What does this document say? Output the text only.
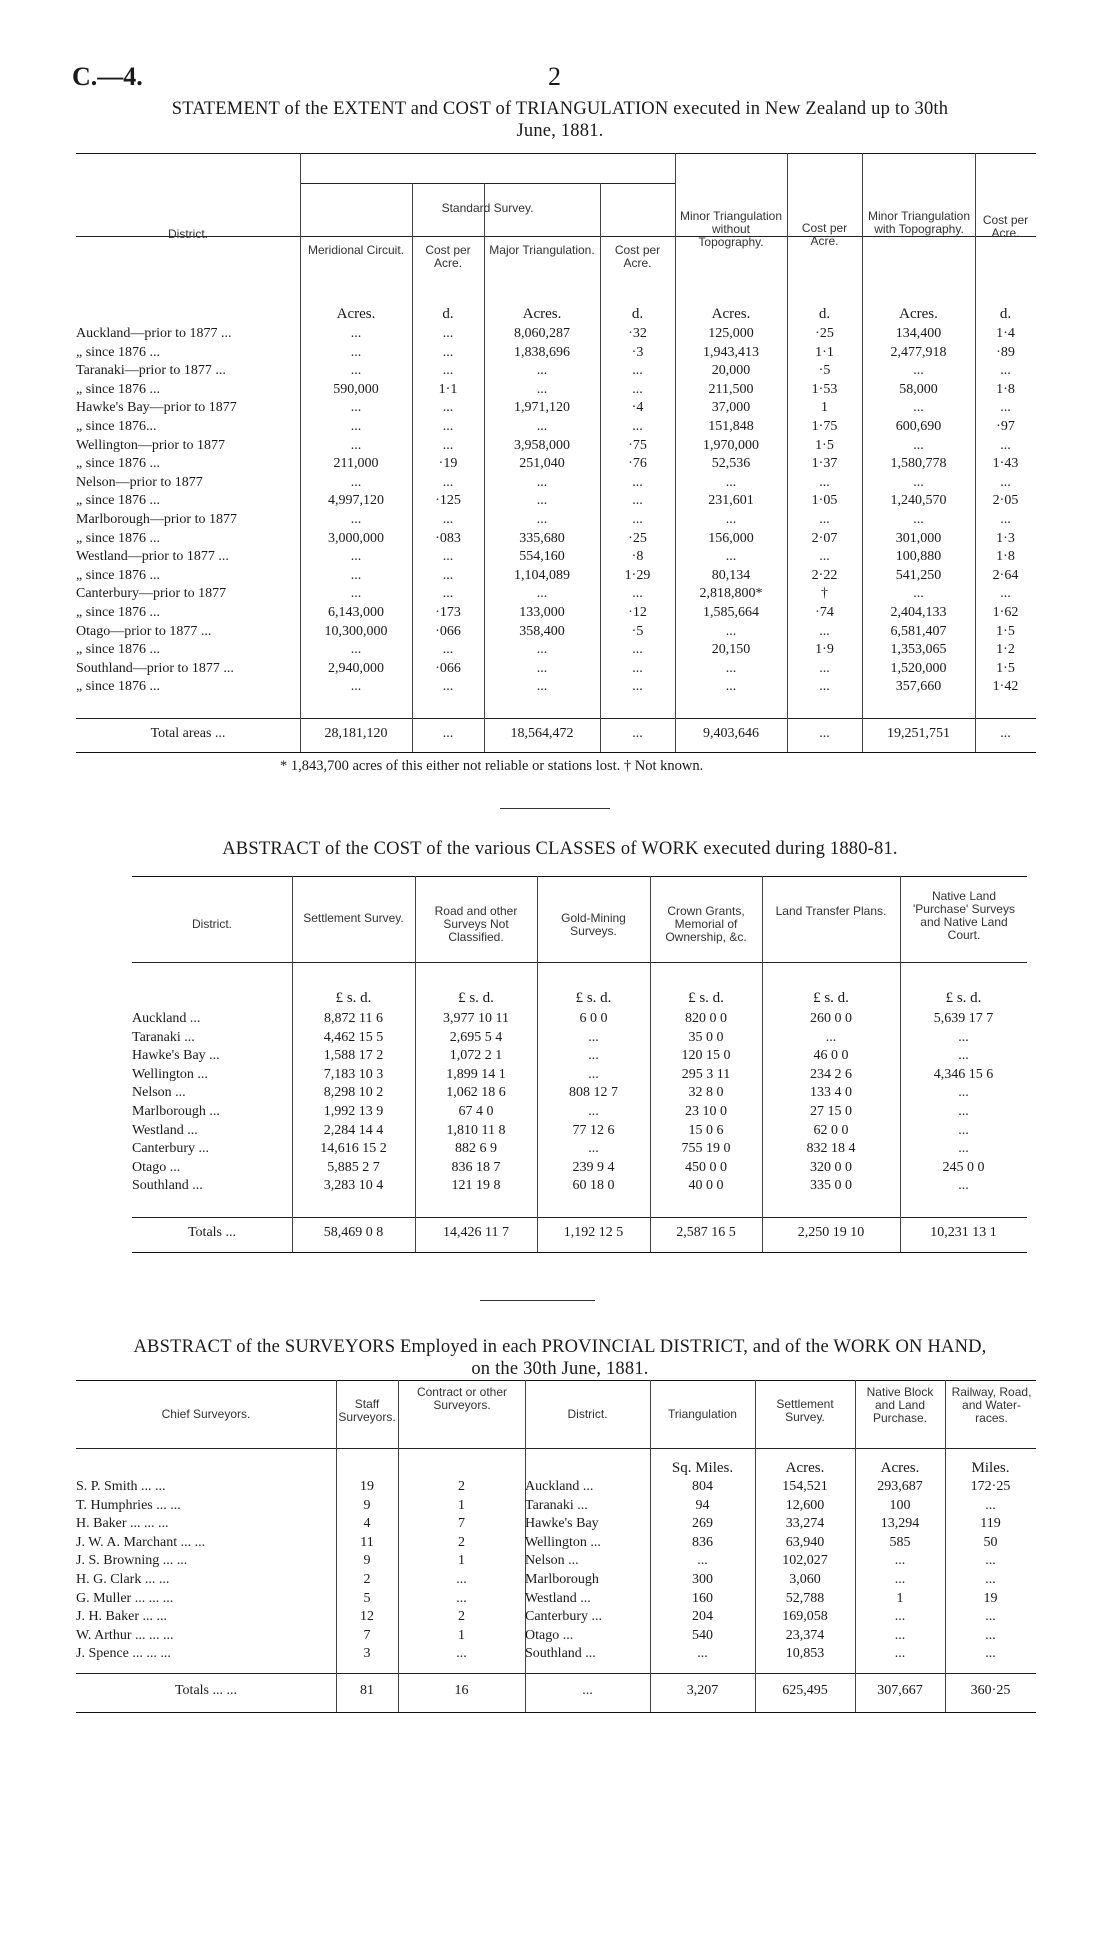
C.—4.	2
STATEMENT of the EXTENT and COST of TRIANGULATION executed in New Zealand up to 30th
June, 1881.
District.
Standard Survey.
Meridional Circuit.	Cost per Acre.
Major Triangulation.	Cost per Acre.
Minor Triangulation without Topography.
Cost per Acre.
Minor Triangulation with Topography.
Cost per Acre.
Acres.	d.	Acres.	d.	Acres.	d.	Acres.	d.
Auckland—prior to 1877 ...	...	...	8,060,287	·32	125,000	·25	134,400	1·4
„ since 1876 ...	...	...	1,838,696	·3	1,943,413	1·1	2,477,918	·89
Taranaki—prior to 1877 ...	...	...	...	...	20,000	·5	...	...
„ since 1876 ...	590,000	1·1	...	...	211,500	1·53	58,000	1·8
Hawke's Bay—prior to 1877	...	...	1,971,120	·4	37,000	1	...	...
„ since 1876...	...	...	...	...	151,848	1·75	600,690	·97
Wellington—prior to 1877	...	...	3,958,000	·75	1,970,000	1·5	...	...
„ since 1876 ...	211,000	·19	251,040	·76	52,536	1·37	1,580,778	1·43
Nelson—prior to 1877	...	...	...	...	...	...	...	...
„ since 1876 ...	4,997,120	·125	...	...	231,601	1·05	1,240,570	2·05
Marlborough—prior to 1877	...	...	...	...	...	...	...	...
„ since 1876 ...	3,000,000	·083	335,680	·25	156,000	2·07	301,000	1·3
Westland—prior to 1877 ...	...	...	554,160	·8	...	...	100,880	1·8
„ since 1876 ...	...	...	1,104,089	1·29	80,134	2·22	541,250	2·64
Canterbury—prior to 1877	...	...	...	...	2,818,800*	†	...	...
„ since 1876 ...	6,143,000	·173	133,000	·12	1,585,664	·74	2,404,133	1·62
Otago—prior to 1877 ...	10,300,000	·066	358,400	·5	...	...	6,581,407	1·5
„ since 1876 ...	...	...	...	...	20,150	1·9	1,353,065	1·2
Southland—prior to 1877 ...	2,940,000	·066	...	...	...	...	1,520,000	1·5
„ since 1876 ...	...	...	...	...	...	...	357,660	1·42
Total areas ...	28,181,120	...	18,564,472	...	9,403,646	...	19,251,751	...
* 1,843,700 acres of this either not reliable or stations lost. † Not known.
ABSTRACT of the COST of the various CLASSES of WORK executed during 1880-81.
District.	Settlement Survey.	Road and other Surveys Not Classified.
Gold-Mining Surveys.
Crown Grants, Memorial of Ownership, &c.
Land Transfer Plans.
Native Land 'Purchase' Surveys and Native Land Court.
£ s. d.	£ s. d.	£ s. d.	£ s. d.	£ s. d.	£ s. d.
Auckland ...	8,872 11 6	3,977 10 11	6 0 0	820 0 0	260 0 0	5,639 17 7
Taranaki ...	4,462 15 5	2,695 5 4	...	35 0 0	...	...
Hawke's Bay ...	1,588 17 2	1,072 2 1	...	120 15 0	46 0 0	...
Wellington ...	7,183 10 3	1,899 14 1	...	295 3 11	234 2 6	4,346 15 6
Nelson ...	8,298 10 2	1,062 18 6	808 12 7	32 8 0	133 4 0	...
Marlborough ...	1,992 13 9	67 4 0	...	23 10 0	27 15 0	...
Westland ...	2,284 14 4	1,810 11 8	77 12 6	15 0 6	62 0 0	...
Canterbury ...	14,616 15 2	882 6 9	...	755 19 0	832 18 4	...
Otago ...	5,885 2 7	836 18 7	239 9 4	450 0 0	320 0 0	245 0 0
Southland ...	3,283 10 4	121 19 8	60 18 0	40 0 0	335 0 0	...
Totals ...	58,469 0 8	14,426 11 7	1,192 12 5	2,587 16 5	2,250 19 10	10,231 13 1
ABSTRACT of the SURVEYORS Employed in each PROVINCIAL DISTRICT, and of the WORK ON HAND,
on the 30th June, 1881.
Chief Surveyors.
Staff Surveyors.
Contract or other Surveyors.
District.	Triangulation
Settlement Survey.
Native Block and Land Purchase.
Railway, Road, and Water-races.
Sq. Miles.	Acres.	Acres.	Miles.
S. P. Smith ... ...	19	2	Auckland ...	804	154,521	293,687	172·25
T. Humphries ... ...	9	1	Taranaki ...	94	12,600	100	...
H. Baker ... ... ...	4	7	Hawke's Bay	269	33,274	13,294	119
J. W. A. Marchant ... ...	11	2	Wellington ...	836	63,940	585	50
J. S. Browning ... ...	9	1	Nelson ...	...	102,027	...	...
H. G. Clark ... ...	2	...	Marlborough	300	3,060	...	...
G. Muller ... ... ...	5	...	Westland ...	160	52,788	1	19
J. H. Baker ... ...	12	2	Canterbury ...	204	169,058	...	...
W. Arthur ... ... ...	7	1	Otago ...	540	23,374	...	...
J. Spence ... ... ...	3	...	Southland ...	...	10,853	...	...
Totals ... ...	81	16	...	3,207	625,495	307,667	360·25
